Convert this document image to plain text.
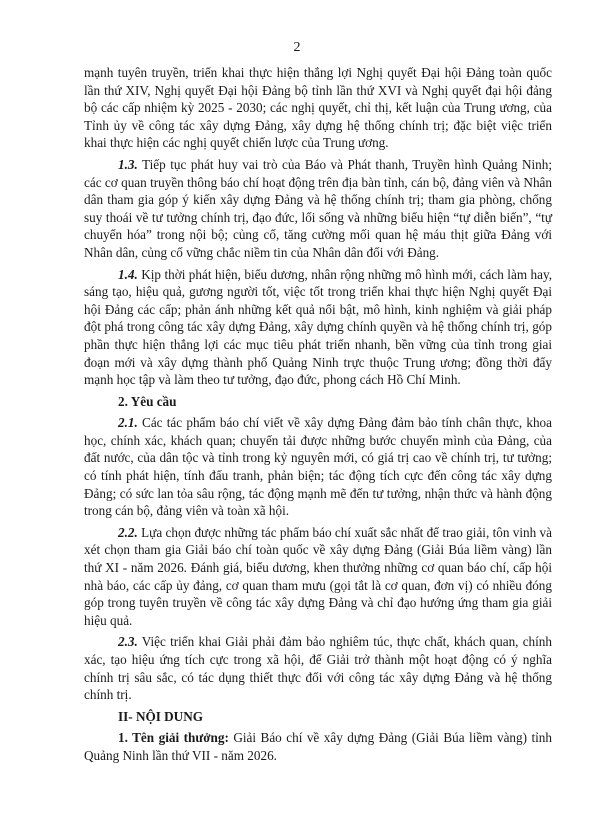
2

mạnh tuyên truyền, triển khai thực hiện thắng lợi Nghị quyết Đại hội Đảng toàn quốc lần thứ XIV, Nghị quyết Đại hội Đảng bộ tỉnh lần thứ XVI và Nghị quyết đại hội đảng bộ các cấp nhiệm kỳ 2025 - 2030; các nghị quyết, chỉ thị, kết luận của Trung ương, của Tỉnh ủy về công tác xây dựng Đảng, xây dựng hệ thống chính trị; đặc biệt việc triển khai thực hiện các nghị quyết chiến lược của Trung ương.

1.3. Tiếp tục phát huy vai trò của Báo và Phát thanh, Truyền hình Quảng Ninh; các cơ quan truyền thông báo chí hoạt động trên địa bàn tỉnh, cán bộ, đảng viên và Nhân dân tham gia góp ý kiến xây dựng Đảng và hệ thống chính trị; tham gia phòng, chống suy thoái về tư tưởng chính trị, đạo đức, lối sống và những biểu hiện “tự diễn biến”, “tự chuyển hóa” trong nội bộ; củng cố, tăng cường mối quan hệ máu thịt giữa Đảng với Nhân dân, củng cố vững chắc niềm tin của Nhân dân đối với Đảng.

1.4. Kịp thời phát hiện, biểu dương, nhân rộng những mô hình mới, cách làm hay, sáng tạo, hiệu quả, gương người tốt, việc tốt trong triển khai thực hiện Nghị quyết Đại hội Đảng các cấp; phản ánh những kết quả nổi bật, mô hình, kinh nghiệm và giải pháp đột phá trong công tác xây dựng Đảng, xây dựng chính quyền và hệ thống chính trị, góp phần thực hiện thắng lợi các mục tiêu phát triển nhanh, bền vững của tỉnh trong giai đoạn mới và xây dựng thành phố Quảng Ninh trực thuộc Trung ương; đồng thời đẩy mạnh học tập và làm theo tư tưởng, đạo đức, phong cách Hồ Chí Minh.

2. Yêu cầu

2.1. Các tác phẩm báo chí viết về xây dựng Đảng đảm bảo tính chân thực, khoa học, chính xác, khách quan; chuyển tải được những bước chuyển mình của Đảng, của đất nước, của dân tộc và tỉnh trong kỷ nguyên mới, có giá trị cao về chính trị, tư tưởng; có tính phát hiện, tính đấu tranh, phản biện; tác động tích cực đến công tác xây dựng Đảng; có sức lan tỏa sâu rộng, tác động mạnh mẽ đến tư tưởng, nhận thức và hành động trong cán bộ, đảng viên và toàn xã hội.

2.2. Lựa chọn được những tác phẩm báo chí xuất sắc nhất để trao giải, tôn vinh và xét chọn tham gia Giải báo chí toàn quốc về xây dựng Đảng (Giải Búa liềm vàng) lần thứ XI - năm 2026. Đánh giá, biểu dương, khen thưởng những cơ quan báo chí, cấp hội nhà báo, các cấp ủy đảng, cơ quan tham mưu (gọi tắt là cơ quan, đơn vị) có nhiều đóng góp trong tuyên truyền về công tác xây dựng Đảng và chỉ đạo hướng ứng tham gia giải hiệu quả.

2.3. Việc triển khai Giải phải đảm bảo nghiêm túc, thực chất, khách quan, chính xác, tạo hiệu ứng tích cực trong xã hội, để Giải trở thành một hoạt động có ý nghĩa chính trị sâu sắc, có tác dụng thiết thực đối với công tác xây dựng Đảng và hệ thống chính trị.

II- NỘI DUNG

1. Tên giải thưởng: Giải Báo chí về xây dựng Đảng (Giải Búa liềm vàng) tỉnh Quảng Ninh lần thứ VII - năm 2026.
